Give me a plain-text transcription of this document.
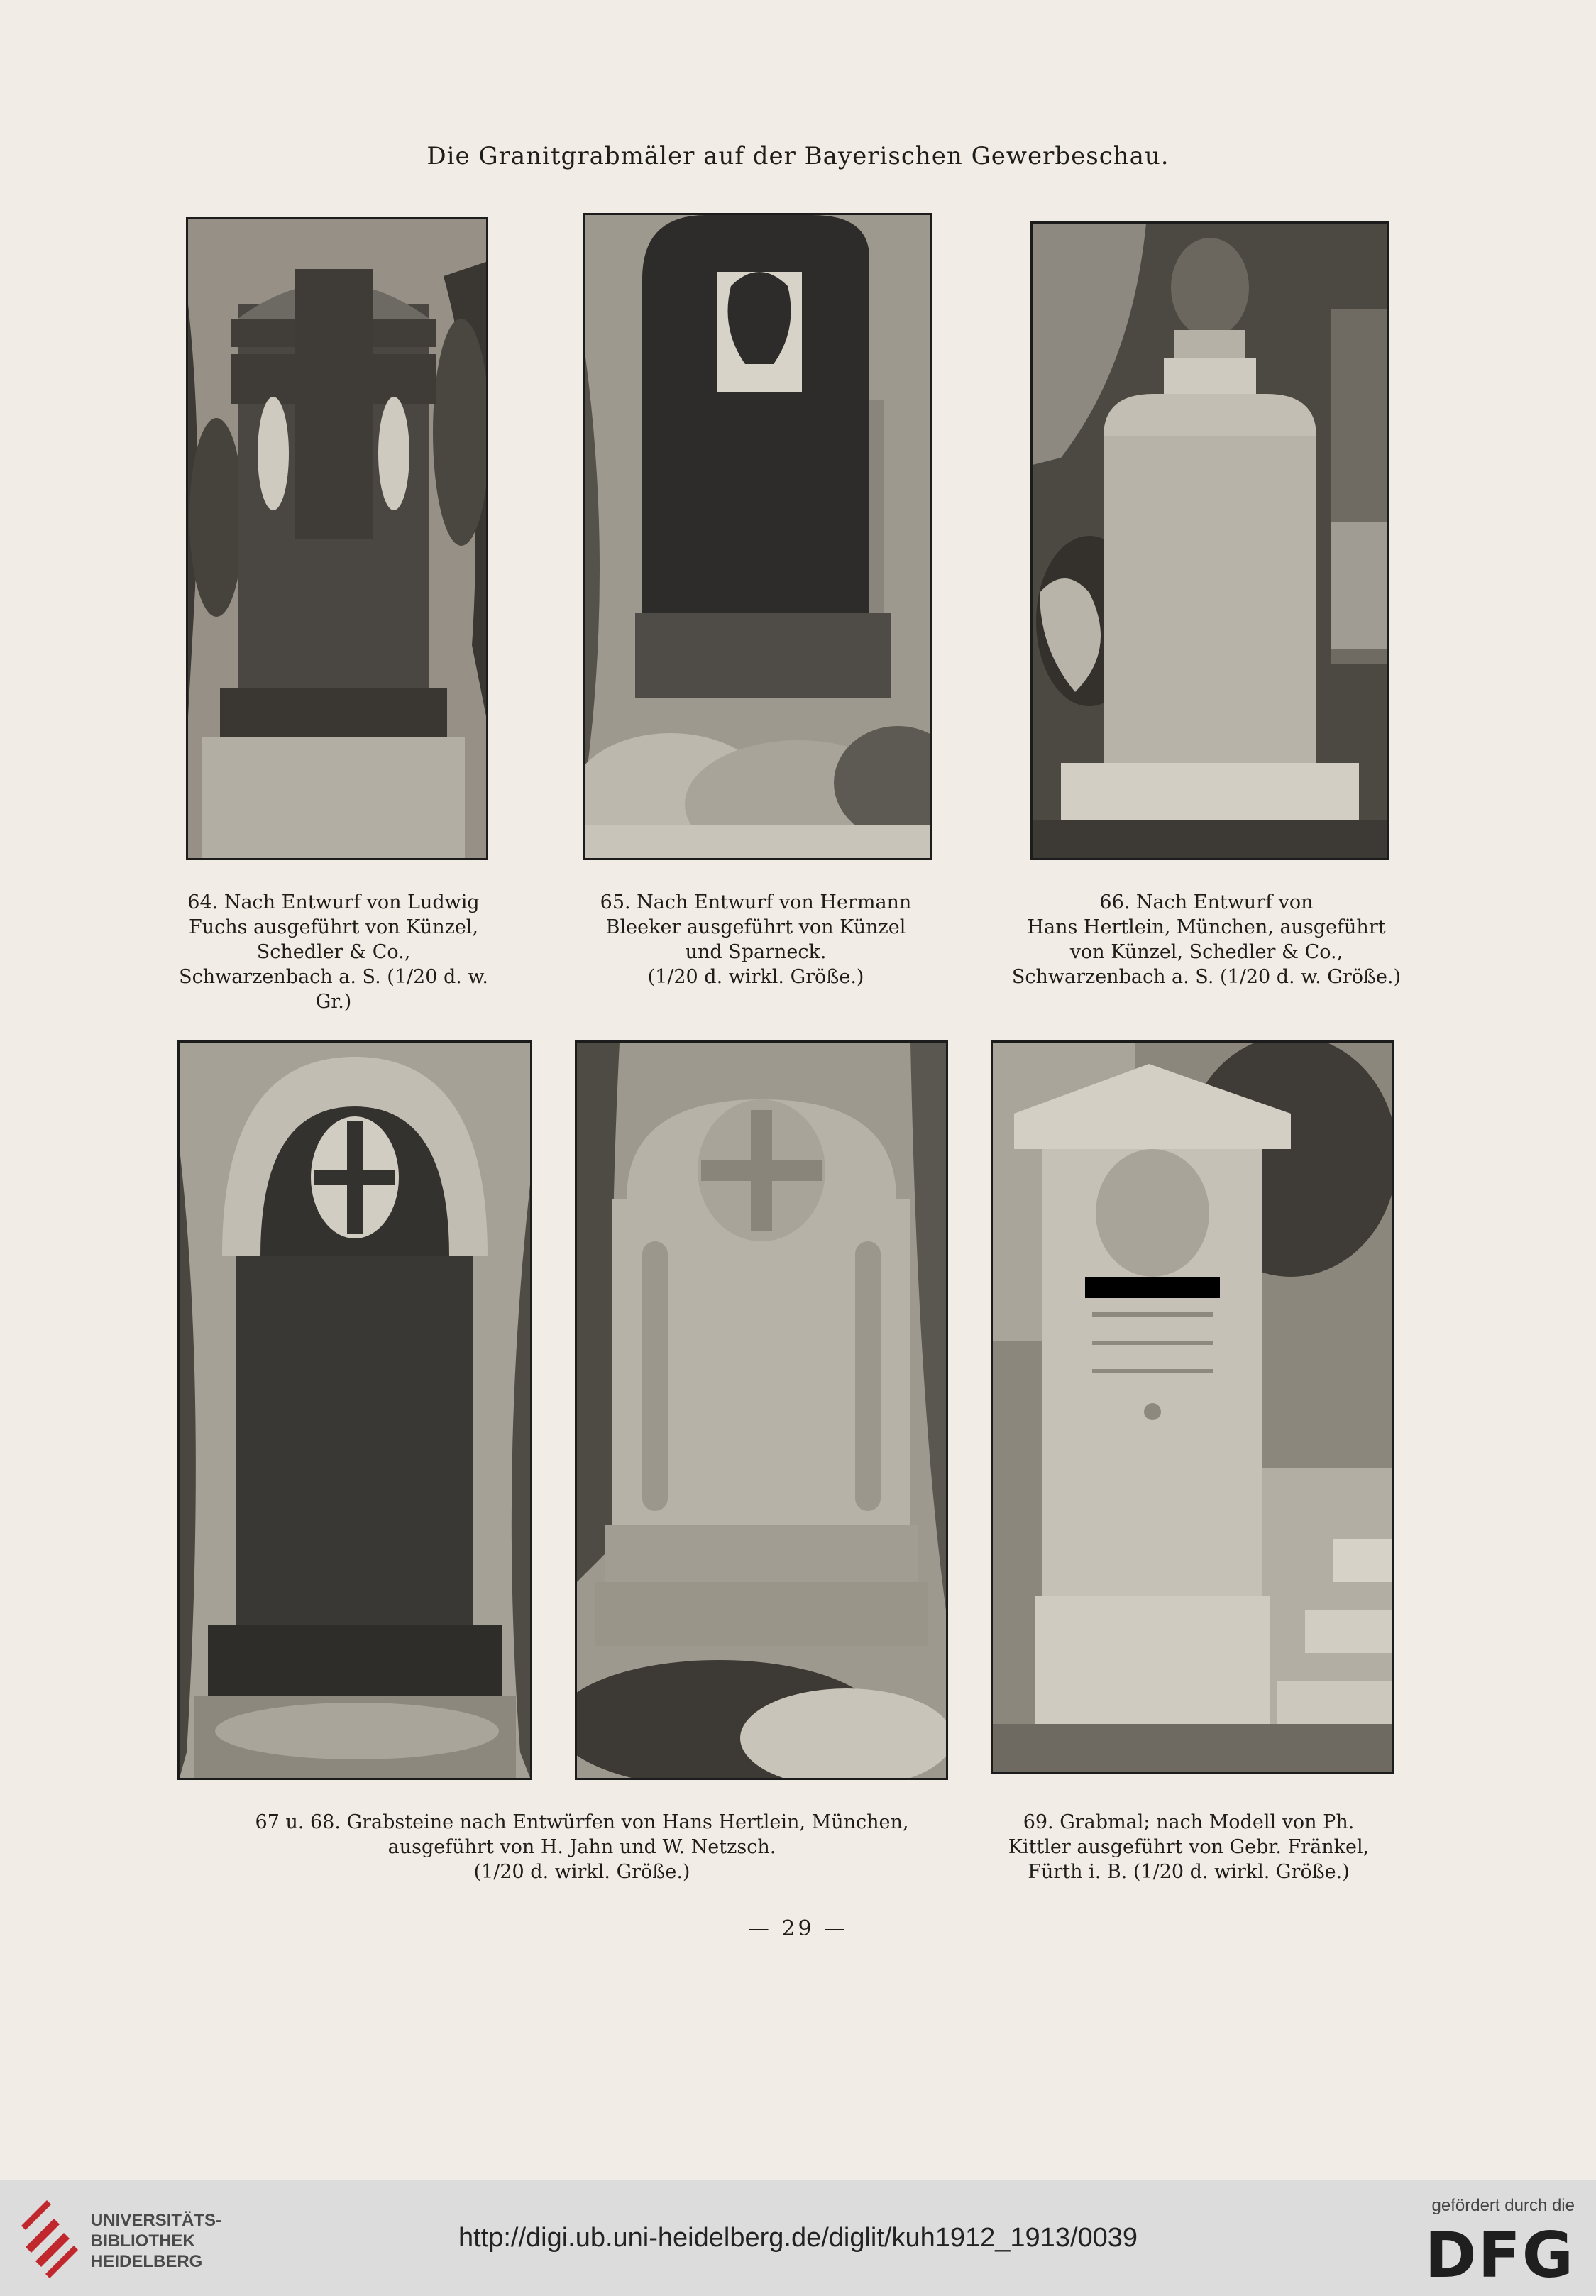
Die Granitgrabmäler auf der Bayerischen Gewerbeschau.
64. Nach Entwurf von Ludwig
Fuchs ausgeführt von Künzel,
Schedler & Co.,
Schwarzenbach a. S. (1/20 d. w. Gr.)
65. Nach Entwurf von Hermann
Bleeker ausgeführt von Künzel
und Sparneck.
(1/20 d. wirkl. Größe.)
66. Nach Entwurf von
Hans Hertlein, München, ausgeführt
von Künzel, Schedler & Co.,
Schwarzenbach a. S. (1/20 d. w. Größe.)
67 u. 68. Grabsteine nach Entwürfen von Hans Hertlein, München,
ausgeführt von H. Jahn und W. Netzsch.
(1/20 d. wirkl. Größe.)
69. Grabmal; nach Modell von Ph.
Kittler ausgeführt von Gebr. Fränkel,
Fürth i. B. (1/20 d. wirkl. Größe.)
— 29 —
UNIVERSITÄTS-
BIBLIOTHEK
HEIDELBERG
http://digi.ub.uni-heidelberg.de/diglit/kuh1912_1913/0039
gefördert durch die
DFG
